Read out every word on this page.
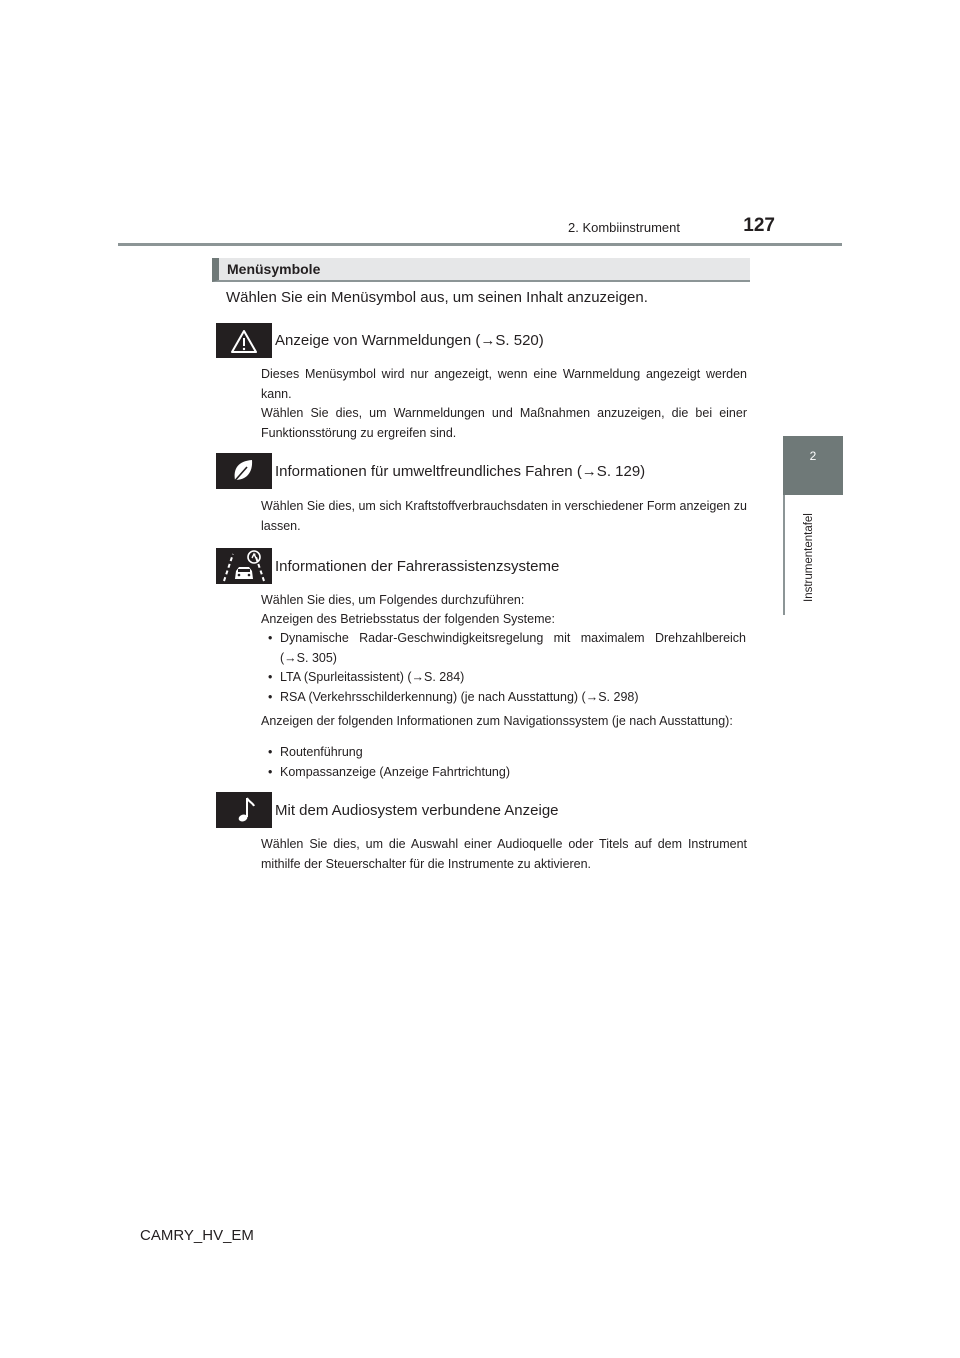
2. Kombiinstrument	127
2
Instrumententafel
Menüsymbole
Wählen Sie ein Menüsymbol aus, um seinen Inhalt anzuzeigen.
Anzeige von Warnmeldungen (→S. 520)
Dieses Menüsymbol wird nur angezeigt, wenn eine Warnmeldung angezeigt werden kann.
Wählen Sie dies, um Warnmeldungen und Maßnahmen anzuzeigen, die bei einer Funktionsstörung zu ergreifen sind.
Informationen für umweltfreundliches Fahren (→S. 129)
Wählen Sie dies, um sich Kraftstoffverbrauchsdaten in verschiedener Form anzeigen zu lassen.
Informationen der Fahrerassistenzsysteme
Wählen Sie dies, um Folgendes durchzuführen:
Anzeigen des Betriebsstatus der folgenden Systeme:
• Dynamische Radar-Geschwindigkeitsregelung mit maximalem Drehzahlbereich (→S. 305)
• LTA (Spurleitassistent) (→S. 284)
• RSA (Verkehrsschilderkennung) (je nach Ausstattung) (→S. 298)
Anzeigen der folgenden Informationen zum Navigationssystem (je nach Ausstattung):
• Routenführung
• Kompassanzeige (Anzeige Fahrtrichtung)
Mit dem Audiosystem verbundene Anzeige
Wählen Sie dies, um die Auswahl einer Audioquelle oder Titels auf dem Instrument mithilfe der Steuerschalter für die Instrumente zu aktivieren.
CAMRY_HV_EM
